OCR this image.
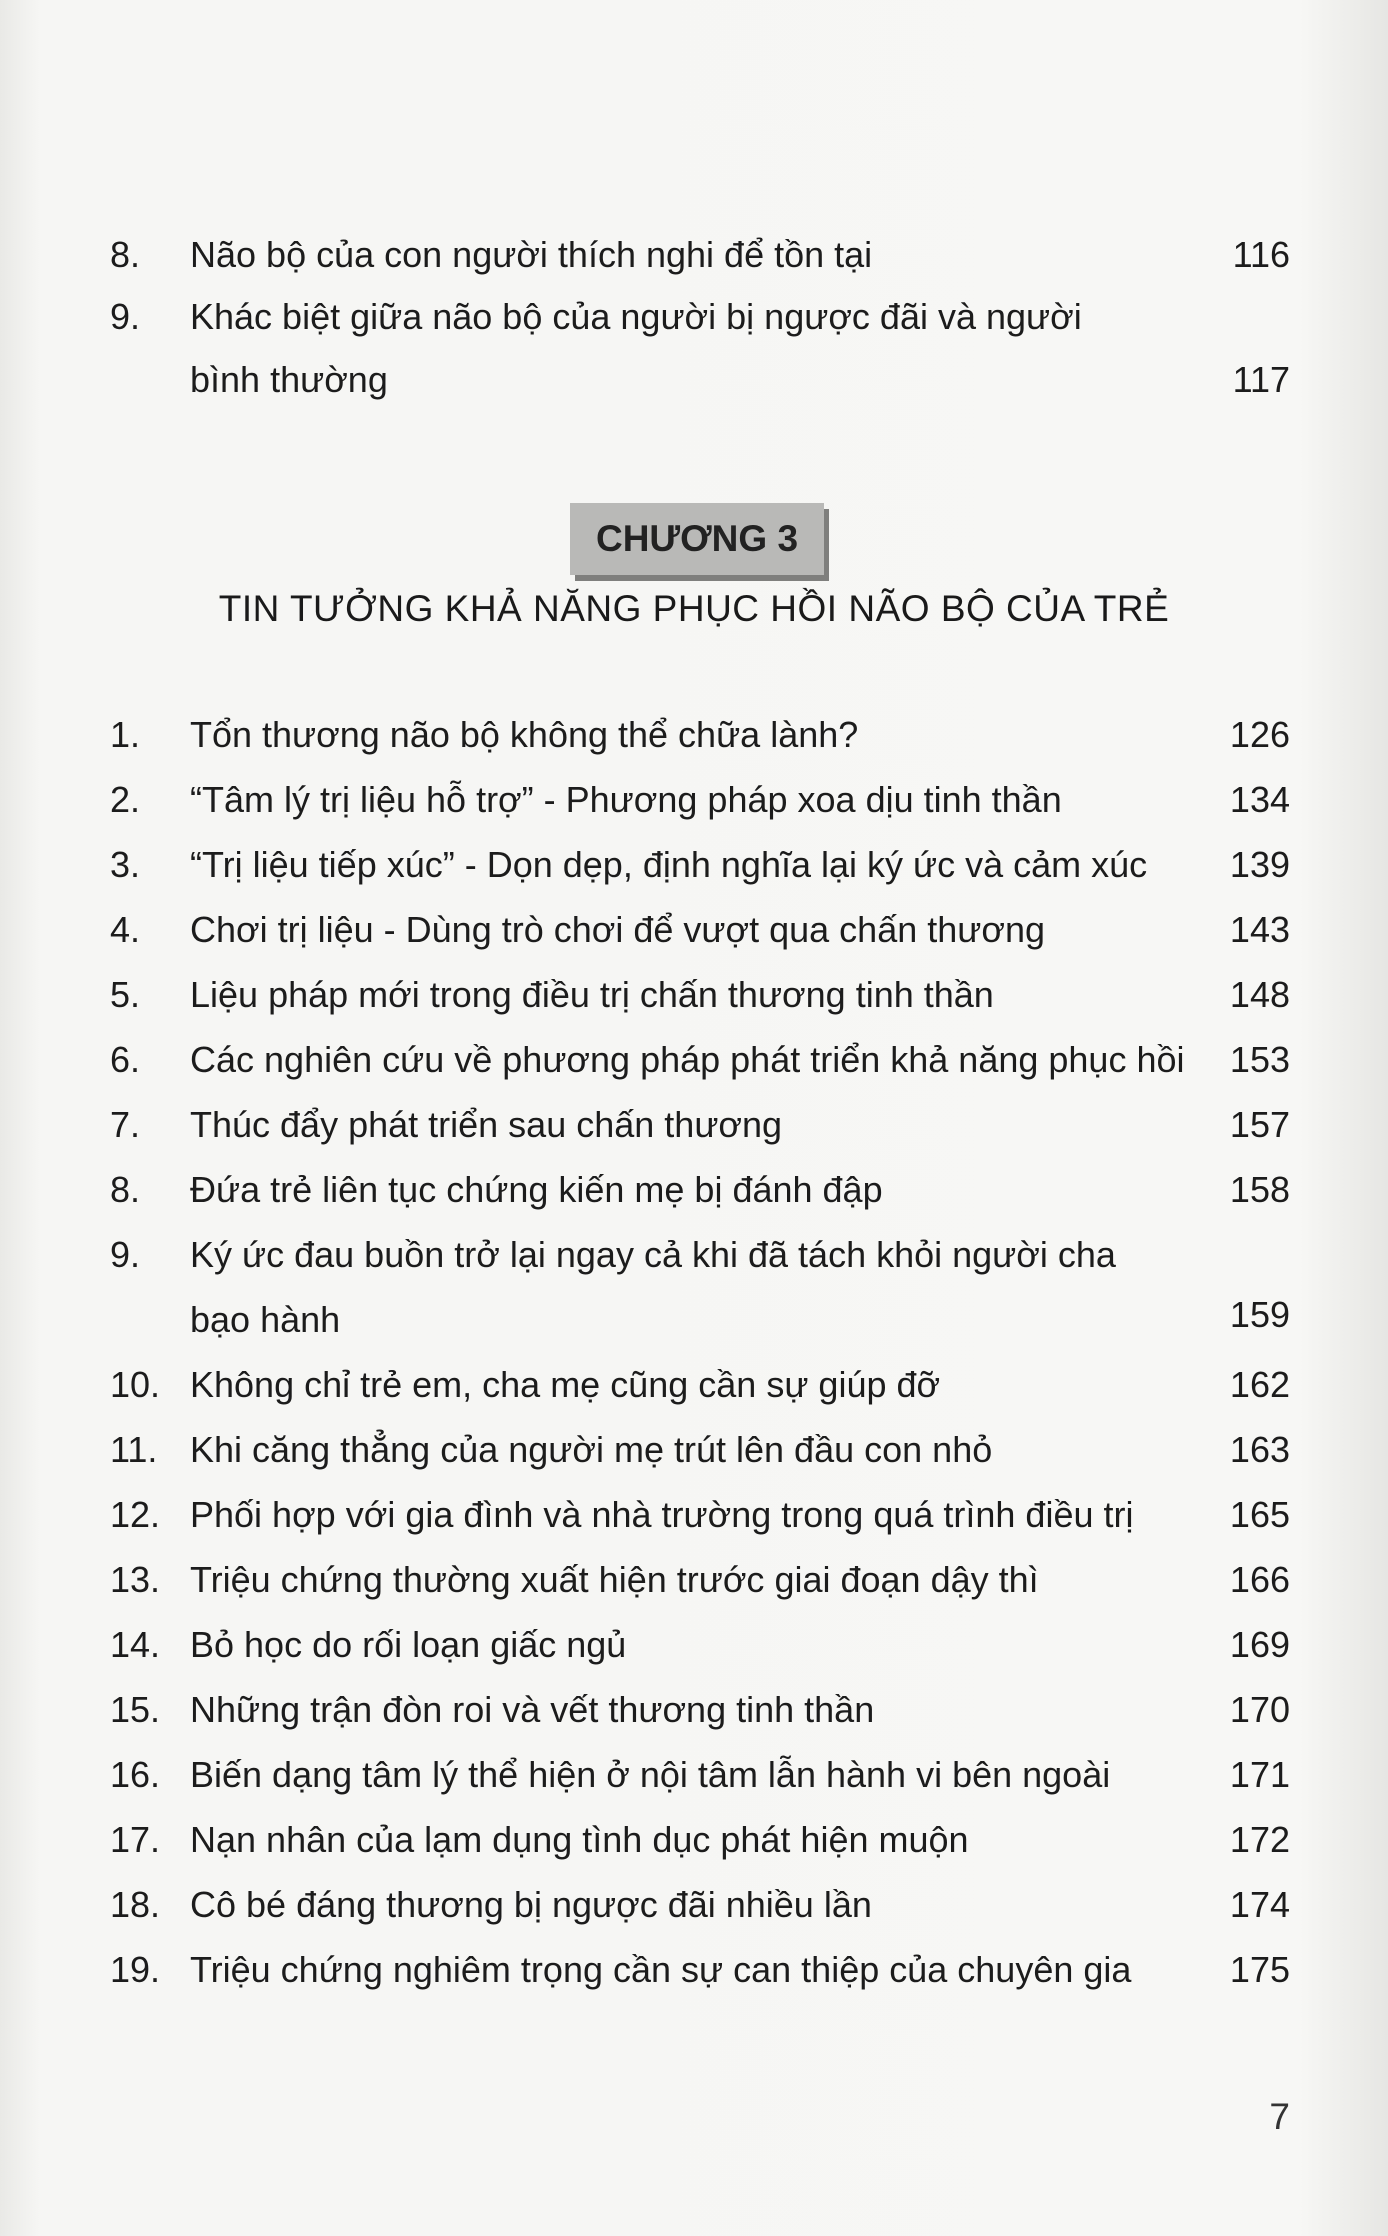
8. Não bộ của con người thích nghi để tồn tại	116
9. Khác biệt giữa não bộ của người bị ngược đãi và người
bình thường	117
CHƯƠNG 3
TIN TƯỞNG KHẢ NĂNG PHỤC HỒI NÃO BỘ CỦA TRẺ
1. Tổn thương não bộ không thể chữa lành?	126
2. “Tâm lý trị liệu hỗ trợ” - Phương pháp xoa dịu tinh thần	134
3. “Trị liệu tiếp xúc” - Dọn dẹp, định nghĩa lại ký ức và cảm xúc 139
4. Chơi trị liệu - Dùng trò chơi để vượt qua chấn thương	143
5. Liệu pháp mới trong điều trị chấn thương tinh thần	148
6. Các nghiên cứu về phương pháp phát triển khả năng phục hồi 153
7. Thúc đẩy phát triển sau chấn thương	157
8. Đứa trẻ liên tục chứng kiến mẹ bị đánh đập	158
9. Ký ức đau buồn trở lại ngay cả khi đã tách khỏi người cha
bạo hành	159
10. Không chỉ trẻ em, cha mẹ cũng cần sự giúp đỡ	162
11. Khi căng thẳng của người mẹ trút lên đầu con nhỏ	163
12. Phối hợp với gia đình và nhà trường trong quá trình điều trị	165
13. Triệu chứng thường xuất hiện trước giai đoạn dậy thì	166
14. Bỏ học do rối loạn giấc ngủ	169
15. Những trận đòn roi và vết thương tinh thần	170
16. Biến dạng tâm lý thể hiện ở nội tâm lẫn hành vi bên ngoài	171
17. Nạn nhân của lạm dụng tình dục phát hiện muộn	172
18. Cô bé đáng thương bị ngược đãi nhiều lần	174
19. Triệu chứng nghiêm trọng cần sự can thiệp của chuyên gia	175
7
